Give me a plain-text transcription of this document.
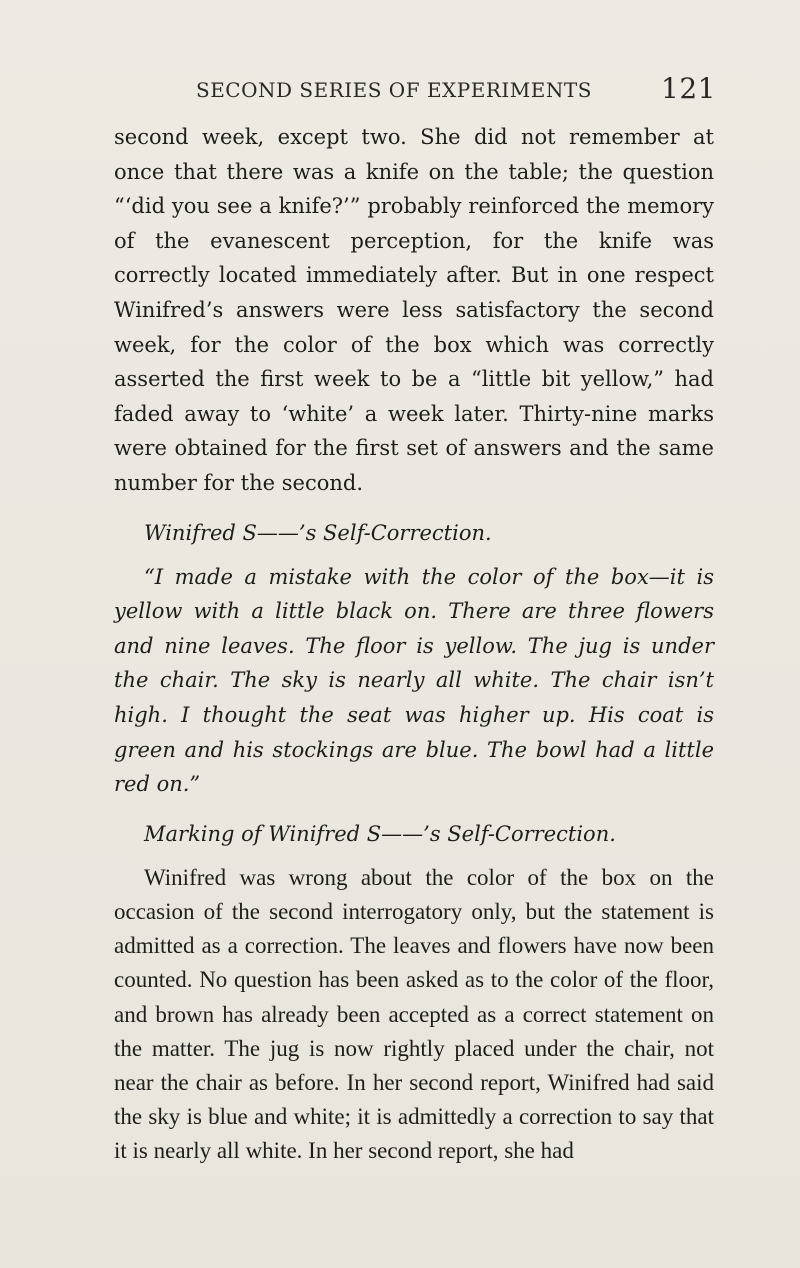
SECOND SERIES OF EXPERIMENTS 121

second week, except two. She did not remember at once that there was a knife on the table; the question “‘did you see a knife?’” probably reinforced the memory of the evanescent perception, for the knife was correctly located immediately after. But in one respect Winifred’s answers were less satisfactory the second week, for the color of the box which was correctly asserted the first week to be a “little bit yellow,” had faded away to ‘white’ a week later. Thirty-nine marks were obtained for the first set of answers and the same number for the second.

Winifred S——’s Self-Correction.

“I made a mistake with the color of the box—it is yellow with a little black on. There are three flowers and nine leaves. The floor is yellow. The jug is under the chair. The sky is nearly all white. The chair isn’t high. I thought the seat was higher up. His coat is green and his stockings are blue. The bowl had a little red on.”

Marking of Winifred S——’s Self-Correction.

Winifred was wrong about the color of the box on the occasion of the second interrogatory only, but the statement is admitted as a correction. The leaves and flowers have now been counted. No question has been asked as to the color of the floor, and brown has already been accepted as a correct statement on the matter. The jug is now rightly placed under the chair, not near the chair as before. In her second report, Winifred had said the sky is blue and white; it is admittedly a correction to say that it is nearly all white. In her second report, she had
